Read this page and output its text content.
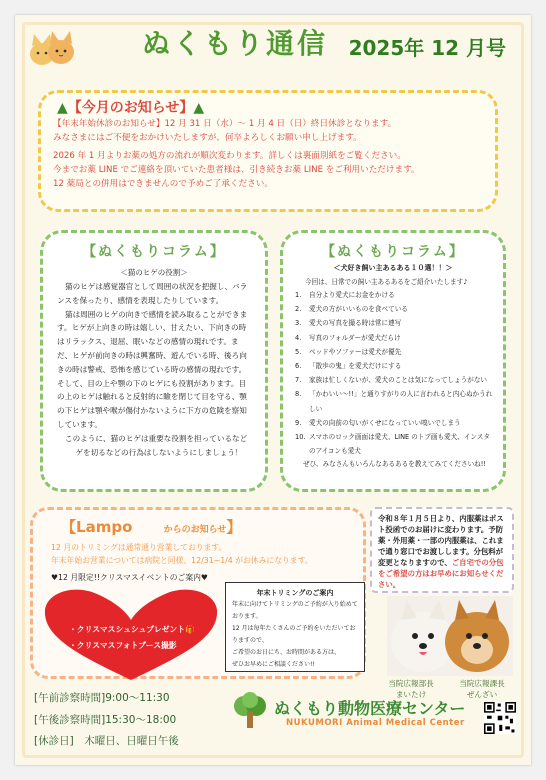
ぬくもり通信 2025年 12 月号
▲【今月のお知らせ】▲

【年末年始休診のお知らせ】12 月 31 日（水）～ 1 月 4 日（日）終日休診となります。

みなさまにはご不便をおかけいたしますが、何卒よろしくお願い申し上げます。

2026 年 1 月よりお薬の処方の流れが順次変わります。詳しくは裏面別紙をご覧ください。

今までお薬 LINE でご連絡を頂いていた患者様は、引き続きお薬 LINE をご利用いただけます。

12 薬局との併用はできませんので予めご了承ください。

【ぬくもりコラム】
＜猫のヒゲの役割＞

猫のヒゲは感覚器官として周囲の状況を把握し、バランスを保ったり、感情を表現したりしています。

猫は周囲のヒゲの向きで感情を読み取ることができます。ヒゲが上向きの時は嬉しい、甘えたい、下向きの時はリラックス、退屈、眠いなどの感情の現れです。まだ、ヒゲが前向きの時は興奮時、遊んでいる時、後ろ向きの時は警戒、恐怖を感じている時の感情の現れです。そして、目の上や顎の下のヒゲにも役割があります。目の上のヒゲは触れると反射的に瞼を閉じて目を守る、顎の下ヒゲは顎や喉が傷付かないように下方の危険を察知しています。

このように、猫のヒゲは重要な役割を担っているなど

ゲを切るなどの行為はしないようにしましょう！

【ぬくもりコラム】
＜犬好き飼い主あるある１０選！！＞
今回は、日常での飼い主あるあるをご紹介いたします♪
1.	自分より愛犬にお金をかける
2.	愛犬の方がいいものを食べている
3.	愛犬の写真を撮る時は常に連写
4.	写真のフォルダーが愛犬だらけ
5.	ベッドやソファーは愛犬が優先
6.	「散歩の鬼」を愛犬だけにする
7.	家族は忙しくないが、愛犬のことは気になってしょうがない
8.	「かわいい～!!」と通りすがりの人に言われると内心ぬかうれしい
9.	愛犬の向前の匂いがくせになっていい嗅いでしまう
10. スマホのロック画面は愛犬、LINE のトプ画も愛犬、インスタのアイコンも愛犬
ぜひ、みなさんもいろんなあるあるを教えてみてくださいね!!
【Lampo	からのお知らせ】
12 月のトリミングは通常通り営業しております。
年末年始お営業については病院と同様、12/31~1/4 がお休みになります。
♥12 月限定!!クリスマスイベントのご案内♥
・クリスマスシュシュプレゼント🎁
・クリスマスフォトブース撮影
年末トリミングのご案内
年末に向けてトリミングのご予約が入り始めております。
12 月は毎年たくさんのご予約をいただいておりますので、
ご希望のお日にち、お時間がある方は、
ぜひお早めにご相談ください!!
令和８年１月５日より、内服薬はポスト投函でのお届けに変わります。予防薬・外用薬・一部の内服薬は、これまで通り窓口でお渡しします。分包料が変更となりますので、ご自宅での分包をご希望の方はお早めにお知らせください。
当院広報部長
まいたけ
当院広報課長
ぜんざい
[午前診察時間]9:00～11:30
[午後診察時間]15:30～18:00
[休診日]　木曜日、日曜日午後
ぬくもり動物医療センター
NUKUMORI Animal Medical Center
